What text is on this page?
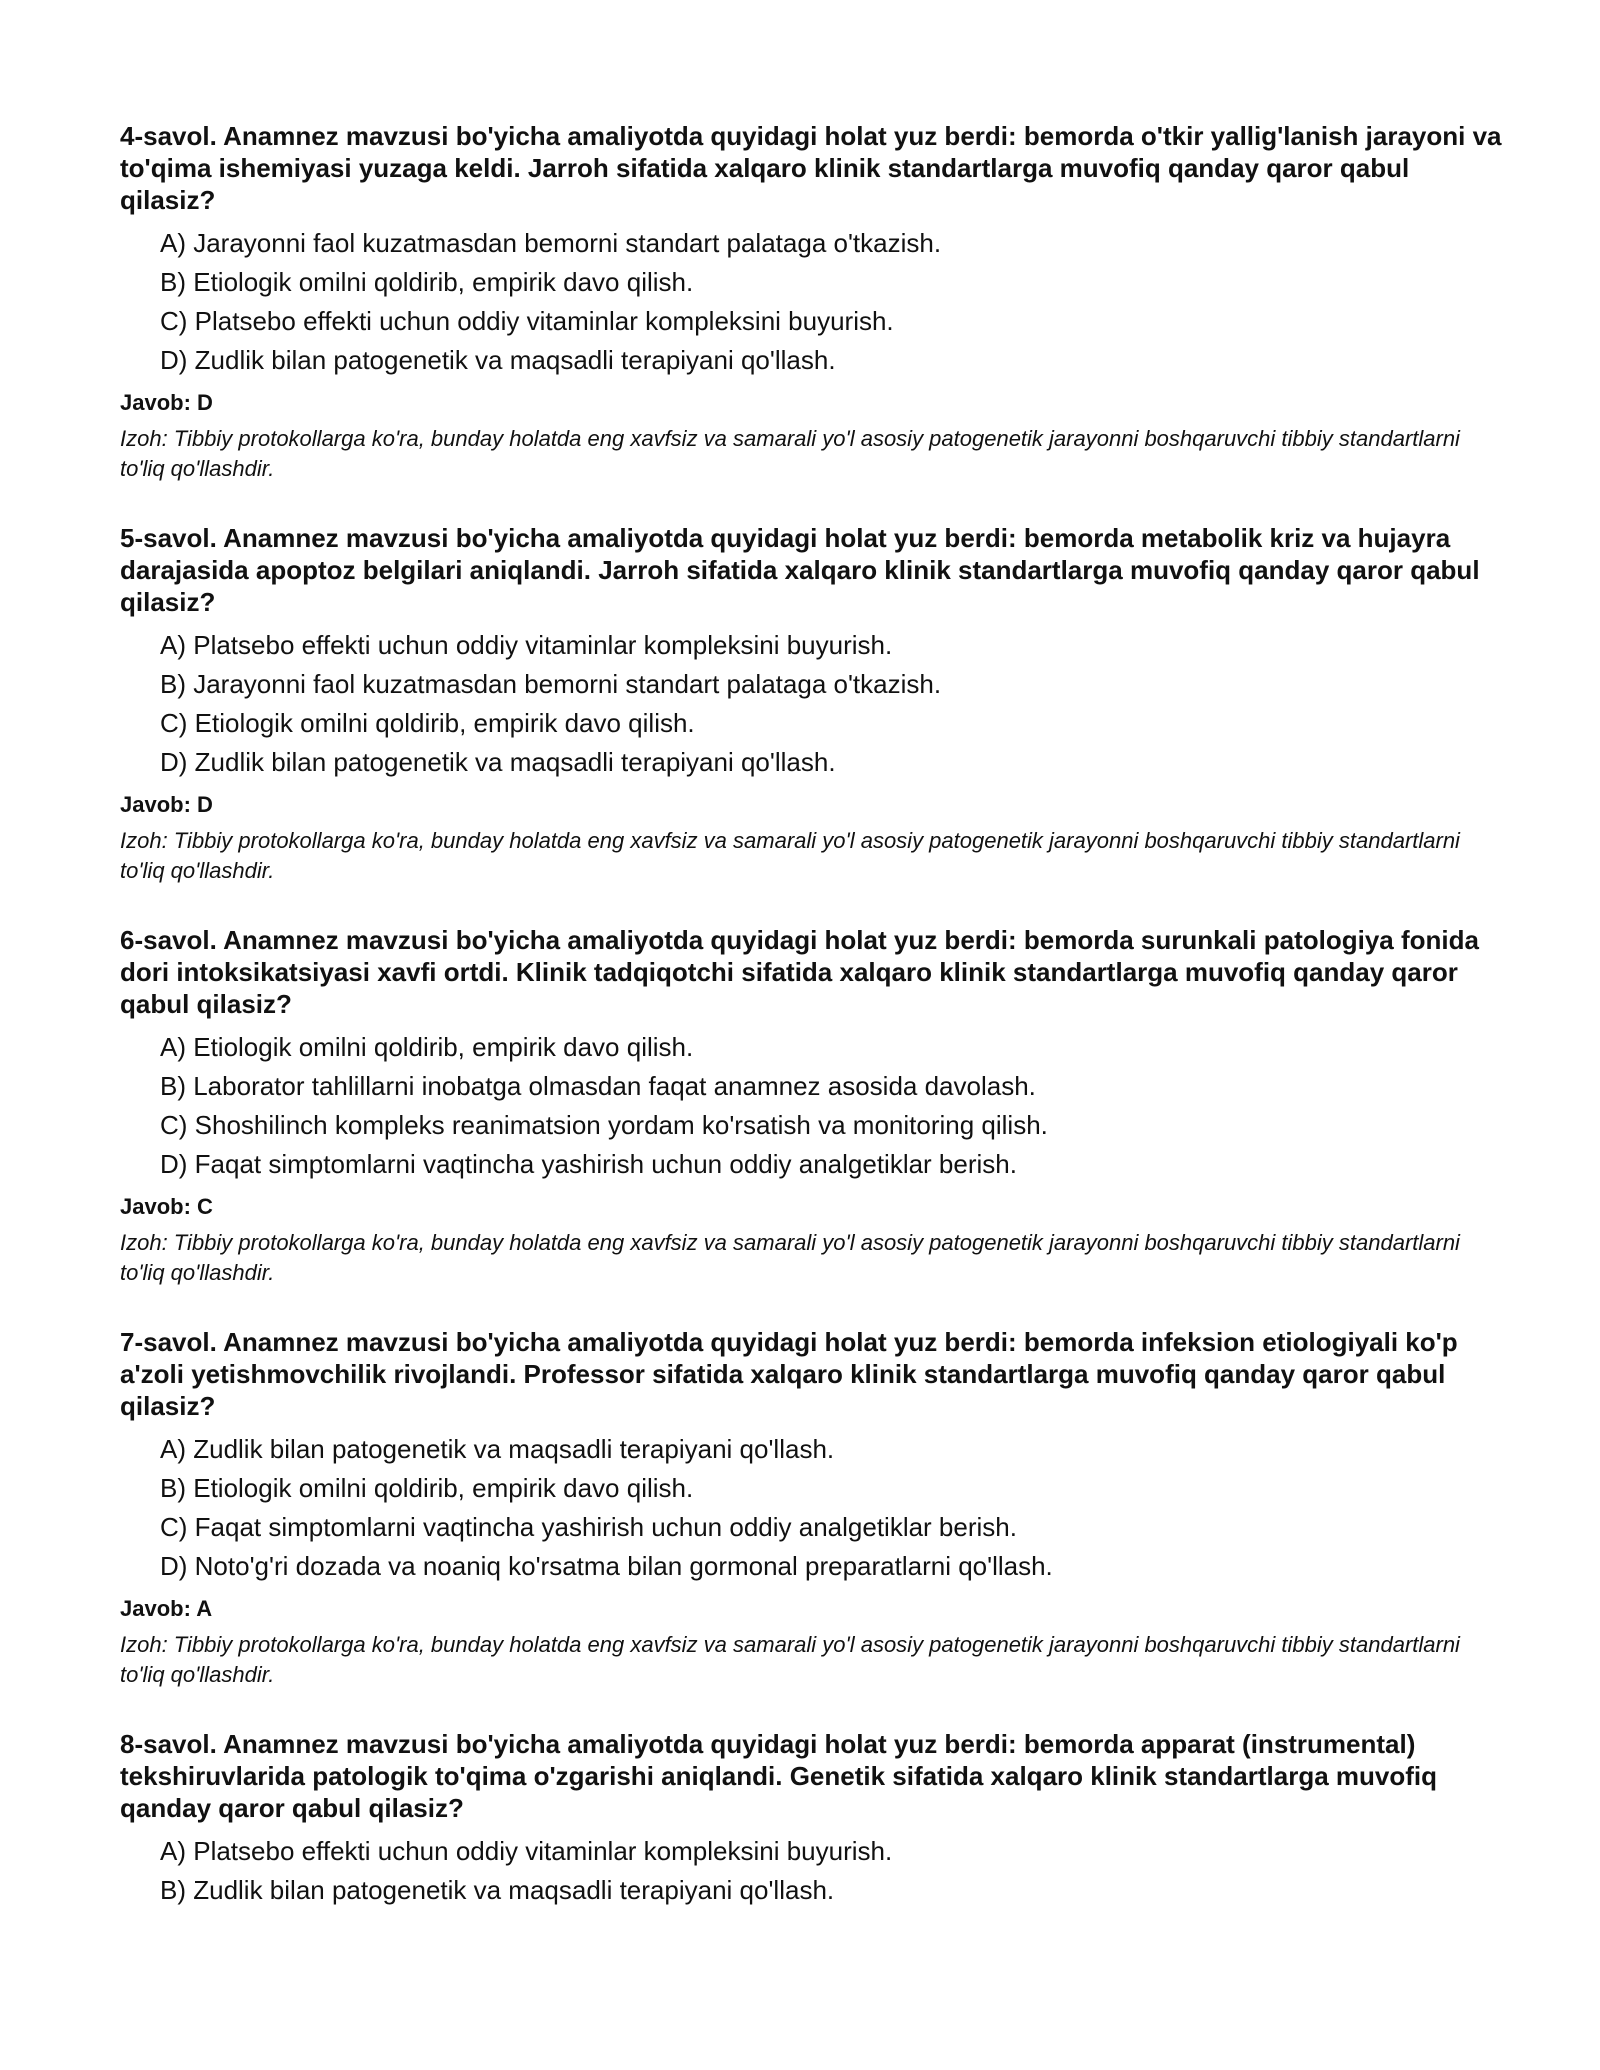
4-savol. Anamnez mavzusi bo'yicha amaliyotda quyidagi holat yuz berdi: bemorda o'tkir yallig'lanish jarayoni va to'qima ishemiyasi yuzaga keldi. Jarroh sifatida xalqaro klinik standartlarga muvofiq qanday qaror qabul qilasiz?
A) Jarayonni faol kuzatmasdan bemorni standart palataga o'tkazish.
B) Etiologik omilni qoldirib, empirik davo qilish.
C) Platsebo effekti uchun oddiy vitaminlar kompleksini buyurish.
D) Zudlik bilan patogenetik va maqsadli terapiyani qo'llash.
Javob: D
Izoh: Tibbiy protokollarga ko'ra, bunday holatda eng xavfsiz va samarali yo'l asosiy patogenetik jarayonni boshqaruvchi tibbiy standartlarni to'liq qo'llashdir.
5-savol. Anamnez mavzusi bo'yicha amaliyotda quyidagi holat yuz berdi: bemorda metabolik kriz va hujayra darajasida apoptoz belgilari aniqlandi. Jarroh sifatida xalqaro klinik standartlarga muvofiq qanday qaror qabul qilasiz?
A) Platsebo effekti uchun oddiy vitaminlar kompleksini buyurish.
B) Jarayonni faol kuzatmasdan bemorni standart palataga o'tkazish.
C) Etiologik omilni qoldirib, empirik davo qilish.
D) Zudlik bilan patogenetik va maqsadli terapiyani qo'llash.
Javob: D
Izoh: Tibbiy protokollarga ko'ra, bunday holatda eng xavfsiz va samarali yo'l asosiy patogenetik jarayonni boshqaruvchi tibbiy standartlarni to'liq qo'llashdir.
6-savol. Anamnez mavzusi bo'yicha amaliyotda quyidagi holat yuz berdi: bemorda surunkali patologiya fonida dori intoksikatsiyasi xavfi ortdi. Klinik tadqiqotchi sifatida xalqaro klinik standartlarga muvofiq qanday qaror qabul qilasiz?
A) Etiologik omilni qoldirib, empirik davo qilish.
B) Laborator tahlillarni inobatga olmasdan faqat anamnez asosida davolash.
C) Shoshilinch kompleks reanimatsion yordam ko'rsatish va monitoring qilish.
D) Faqat simptomlarni vaqtincha yashirish uchun oddiy analgetiklar berish.
Javob: C
Izoh: Tibbiy protokollarga ko'ra, bunday holatda eng xavfsiz va samarali yo'l asosiy patogenetik jarayonni boshqaruvchi tibbiy standartlarni to'liq qo'llashdir.
7-savol. Anamnez mavzusi bo'yicha amaliyotda quyidagi holat yuz berdi: bemorda infeksion etiologiyali ko'p a'zoli yetishmovchilik rivojlandi. Professor sifatida xalqaro klinik standartlarga muvofiq qanday qaror qabul qilasiz?
A) Zudlik bilan patogenetik va maqsadli terapiyani qo'llash.
B) Etiologik omilni qoldirib, empirik davo qilish.
C) Faqat simptomlarni vaqtincha yashirish uchun oddiy analgetiklar berish.
D) Noto'g'ri dozada va noaniq ko'rsatma bilan gormonal preparatlarni qo'llash.
Javob: A
Izoh: Tibbiy protokollarga ko'ra, bunday holatda eng xavfsiz va samarali yo'l asosiy patogenetik jarayonni boshqaruvchi tibbiy standartlarni to'liq qo'llashdir.
8-savol. Anamnez mavzusi bo'yicha amaliyotda quyidagi holat yuz berdi: bemorda apparat (instrumental) tekshiruvlarida patologik to'qima o'zgarishi aniqlandi. Genetik sifatida xalqaro klinik standartlarga muvofiq qanday qaror qabul qilasiz?
A) Platsebo effekti uchun oddiy vitaminlar kompleksini buyurish.
B) Zudlik bilan patogenetik va maqsadli terapiyani qo'llash.
